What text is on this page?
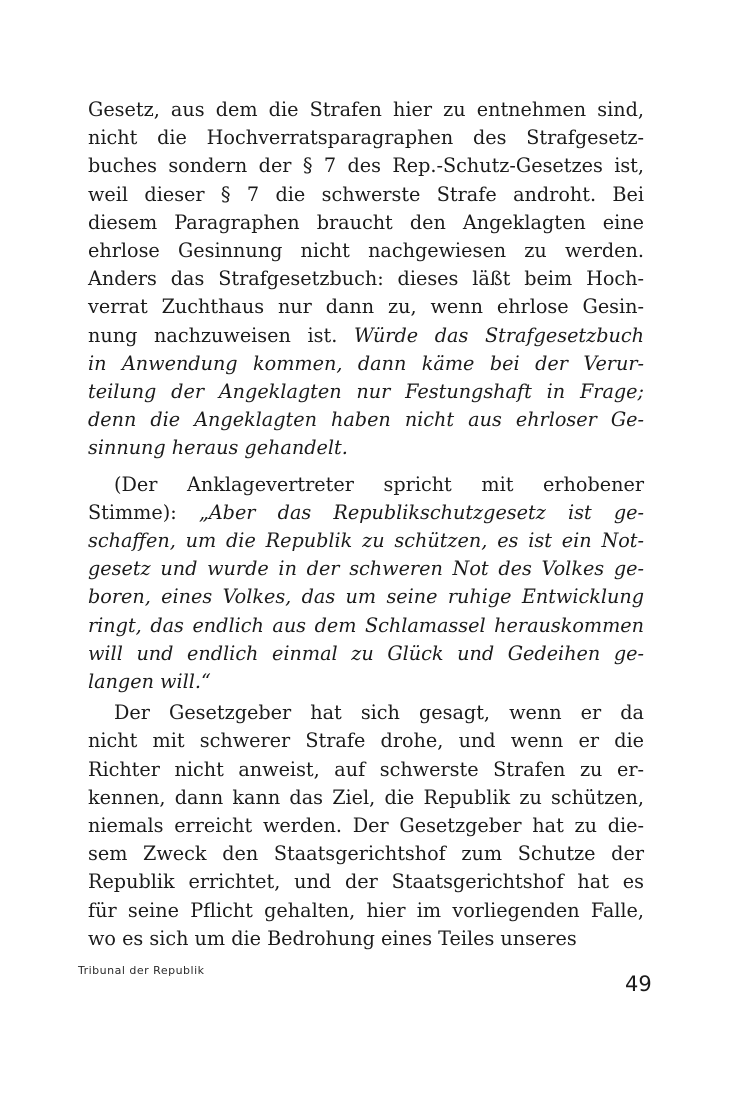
Gesetz, aus dem die Strafen hier zu entnehmen sind,
nicht die Hochverratsparagraphen des Strafgesetz-
buches sondern der § 7 des Rep.-Schutz-Gesetzes ist,
weil dieser § 7 die schwerste Strafe androht. Bei
diesem Paragraphen braucht den Angeklagten eine
ehrlose Gesinnung nicht nachgewiesen zu werden.
Anders das Strafgesetzbuch: dieses läßt beim Hoch-
verrat Zuchthaus nur dann zu, wenn ehrlose Gesin-
nung nachzuweisen ist. Würde das Strafgesetzbuch
in Anwendung kommen, dann käme bei der Verur-
teilung der Angeklagten nur Festungshaft in Frage;
denn die Angeklagten haben nicht aus ehrloser Ge-
sinnung heraus gehandelt.
(Der Anklagevertreter spricht mit erhobener
Stimme): „Aber das Republikschutzgesetz ist ge-
schaffen, um die Republik zu schützen, es ist ein Not-
gesetz und wurde in der schweren Not des Volkes ge-
boren, eines Volkes, das um seine ruhige Entwicklung
ringt, das endlich aus dem Schlamassel herauskommen
will und endlich einmal zu Glück und Gedeihen ge-
langen will.“
Der Gesetzgeber hat sich gesagt, wenn er da
nicht mit schwerer Strafe drohe, und wenn er die
Richter nicht anweist, auf schwerste Strafen zu er-
kennen, dann kann das Ziel, die Republik zu schützen,
niemals erreicht werden. Der Gesetzgeber hat zu die-
sem Zweck den Staatsgerichtshof zum Schutze der
Republik errichtet, und der Staatsgerichtshof hat es
für seine Pflicht gehalten, hier im vorliegenden Falle,
wo es sich um die Bedrohung eines Teiles unseres
Tribunal der Republik
49
